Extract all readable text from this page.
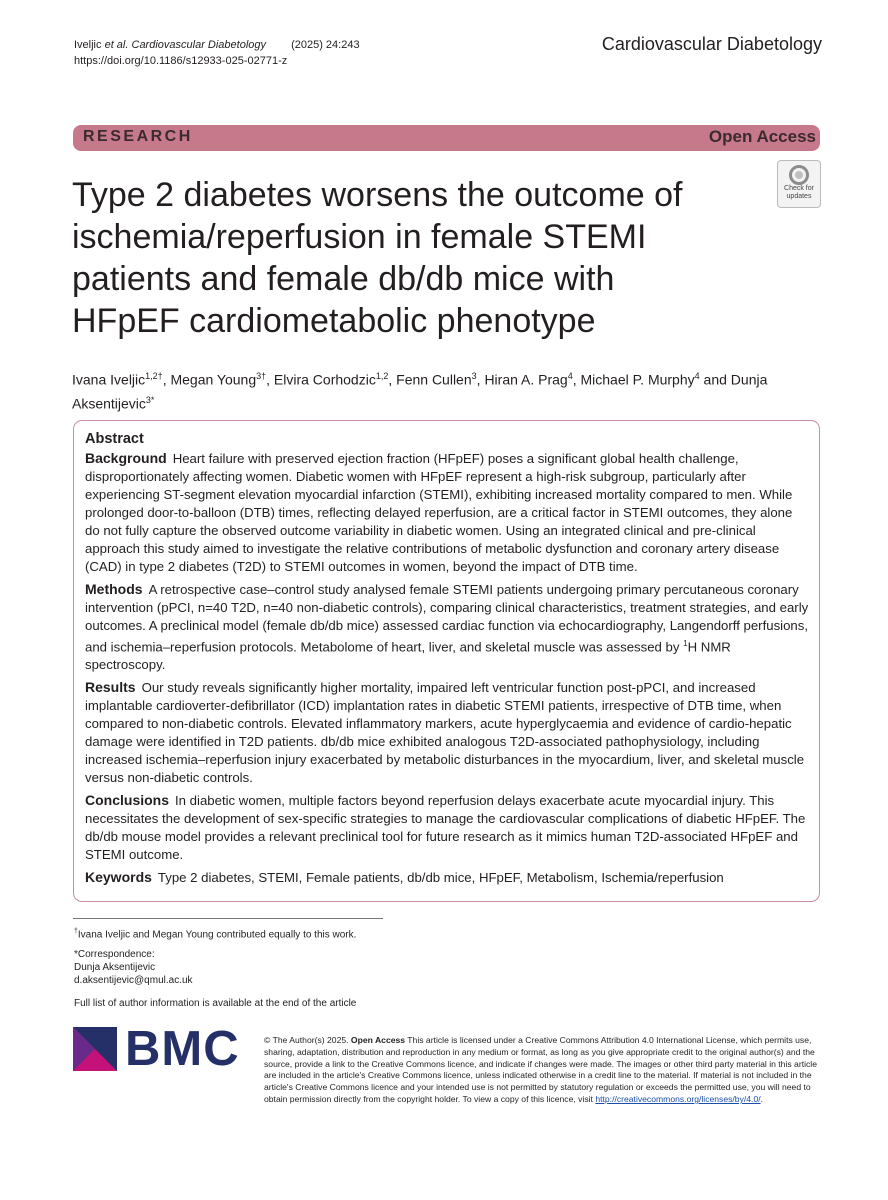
Iveljic et al. Cardiovascular Diabetology (2025) 24:243
https://doi.org/10.1186/s12933-025-02771-z
Cardiovascular Diabetology
RESEARCH	Open Access
Type 2 diabetes worsens the outcome of ischemia/reperfusion in female STEMI patients and female db/db mice with HFpEF cardiometabolic phenotype
Check for
updates
Ivana Iveljic$^{1,2\dagger}$, Megan Young$^{3\dagger}$, Elvira Corhodzic$^{1,2}$, Fenn Cullen$^3$, Hiran A. Prag$^4$, Michael P. Murphy$^4$ and Dunja Aksentijevic$^{3*}$
Abstract

Background Heart failure with preserved ejection fraction (HFpEF) poses a significant global health challenge, disproportionately affecting women. Diabetic women with HFpEF represent a high-risk subgroup, particularly after experiencing ST-segment elevation myocardial infarction (STEMI), exhibiting increased mortality compared to men. While prolonged door-to-balloon (DTB) times, reflecting delayed reperfusion, are a critical factor in STEMI outcomes, they alone do not fully capture the observed outcome variability in diabetic women. Using an integrated clinical and pre-clinical approach this study aimed to investigate the relative contributions of metabolic dysfunction and coronary artery disease (CAD) in type 2 diabetes (T2D) to STEMI outcomes in women, beyond the impact of DTB time.

Methods A retrospective case–control study analysed female STEMI patients undergoing primary percutaneous coronary intervention (pPCI, n=40 T2D, n=40 non-diabetic controls), comparing clinical characteristics, treatment strategies, and early outcomes. A preclinical model (female db/db mice) assessed cardiac function via echocardiography, Langendorff perfusions, and ischemia–reperfusion protocols. Metabolome of heart, liver, and skeletal muscle was assessed by $^1$H NMR spectroscopy.

Results Our study reveals significantly higher mortality, impaired left ventricular function post-pPCI, and increased implantable cardioverter-defibrillator (ICD) implantation rates in diabetic STEMI patients, irrespective of DTB time, when compared to non-diabetic controls. Elevated inflammatory markers, acute hyperglycaemia and evidence of cardio-hepatic damage were identified in T2D patients. db/db mice exhibited analogous T2D-associated pathophysiology, including increased ischemia–reperfusion injury exacerbated by metabolic disturbances in the myocardium, liver, and skeletal muscle versus non-diabetic controls.

Conclusions In diabetic women, multiple factors beyond reperfusion delays exacerbate acute myocardial injury. This necessitates the development of sex-specific strategies to manage the cardiovascular complications of diabetic HFpEF. The db/db mouse model provides a relevant preclinical tool for future research as it mimics human T2D-associated HFpEF and STEMI outcome.

Keywords Type 2 diabetes, STEMI, Female patients, db/db mice, HFpEF, Metabolism, Ischemia/reperfusion

†Ivana Iveljic and Megan Young contributed equally to this work.
*Correspondence:
Dunja Aksentijevic
d.aksentijevic@qmul.ac.uk
Full list of author information is available at the end of the article
BMC	© The Author(s) 2025. Open Access This article is licensed under a Creative Commons Attribution 4.0 International License, which permits use, sharing, adaptation, distribution and reproduction in any medium or format, as long as you give appropriate credit to the original author(s) and the source, provide a link to the Creative Commons licence, and indicate if changes were made. The images or other third party material in this article are included in the article's Creative Commons licence, unless indicated otherwise in a credit line to the material. If material is not included in the article's Creative Commons licence and your intended use is not permitted by statutory regulation or exceeds the permitted use, you will need to obtain permission directly from the copyright holder. To view a copy of this licence, visit http://creativecommons.org/licenses/by/4.0/.
